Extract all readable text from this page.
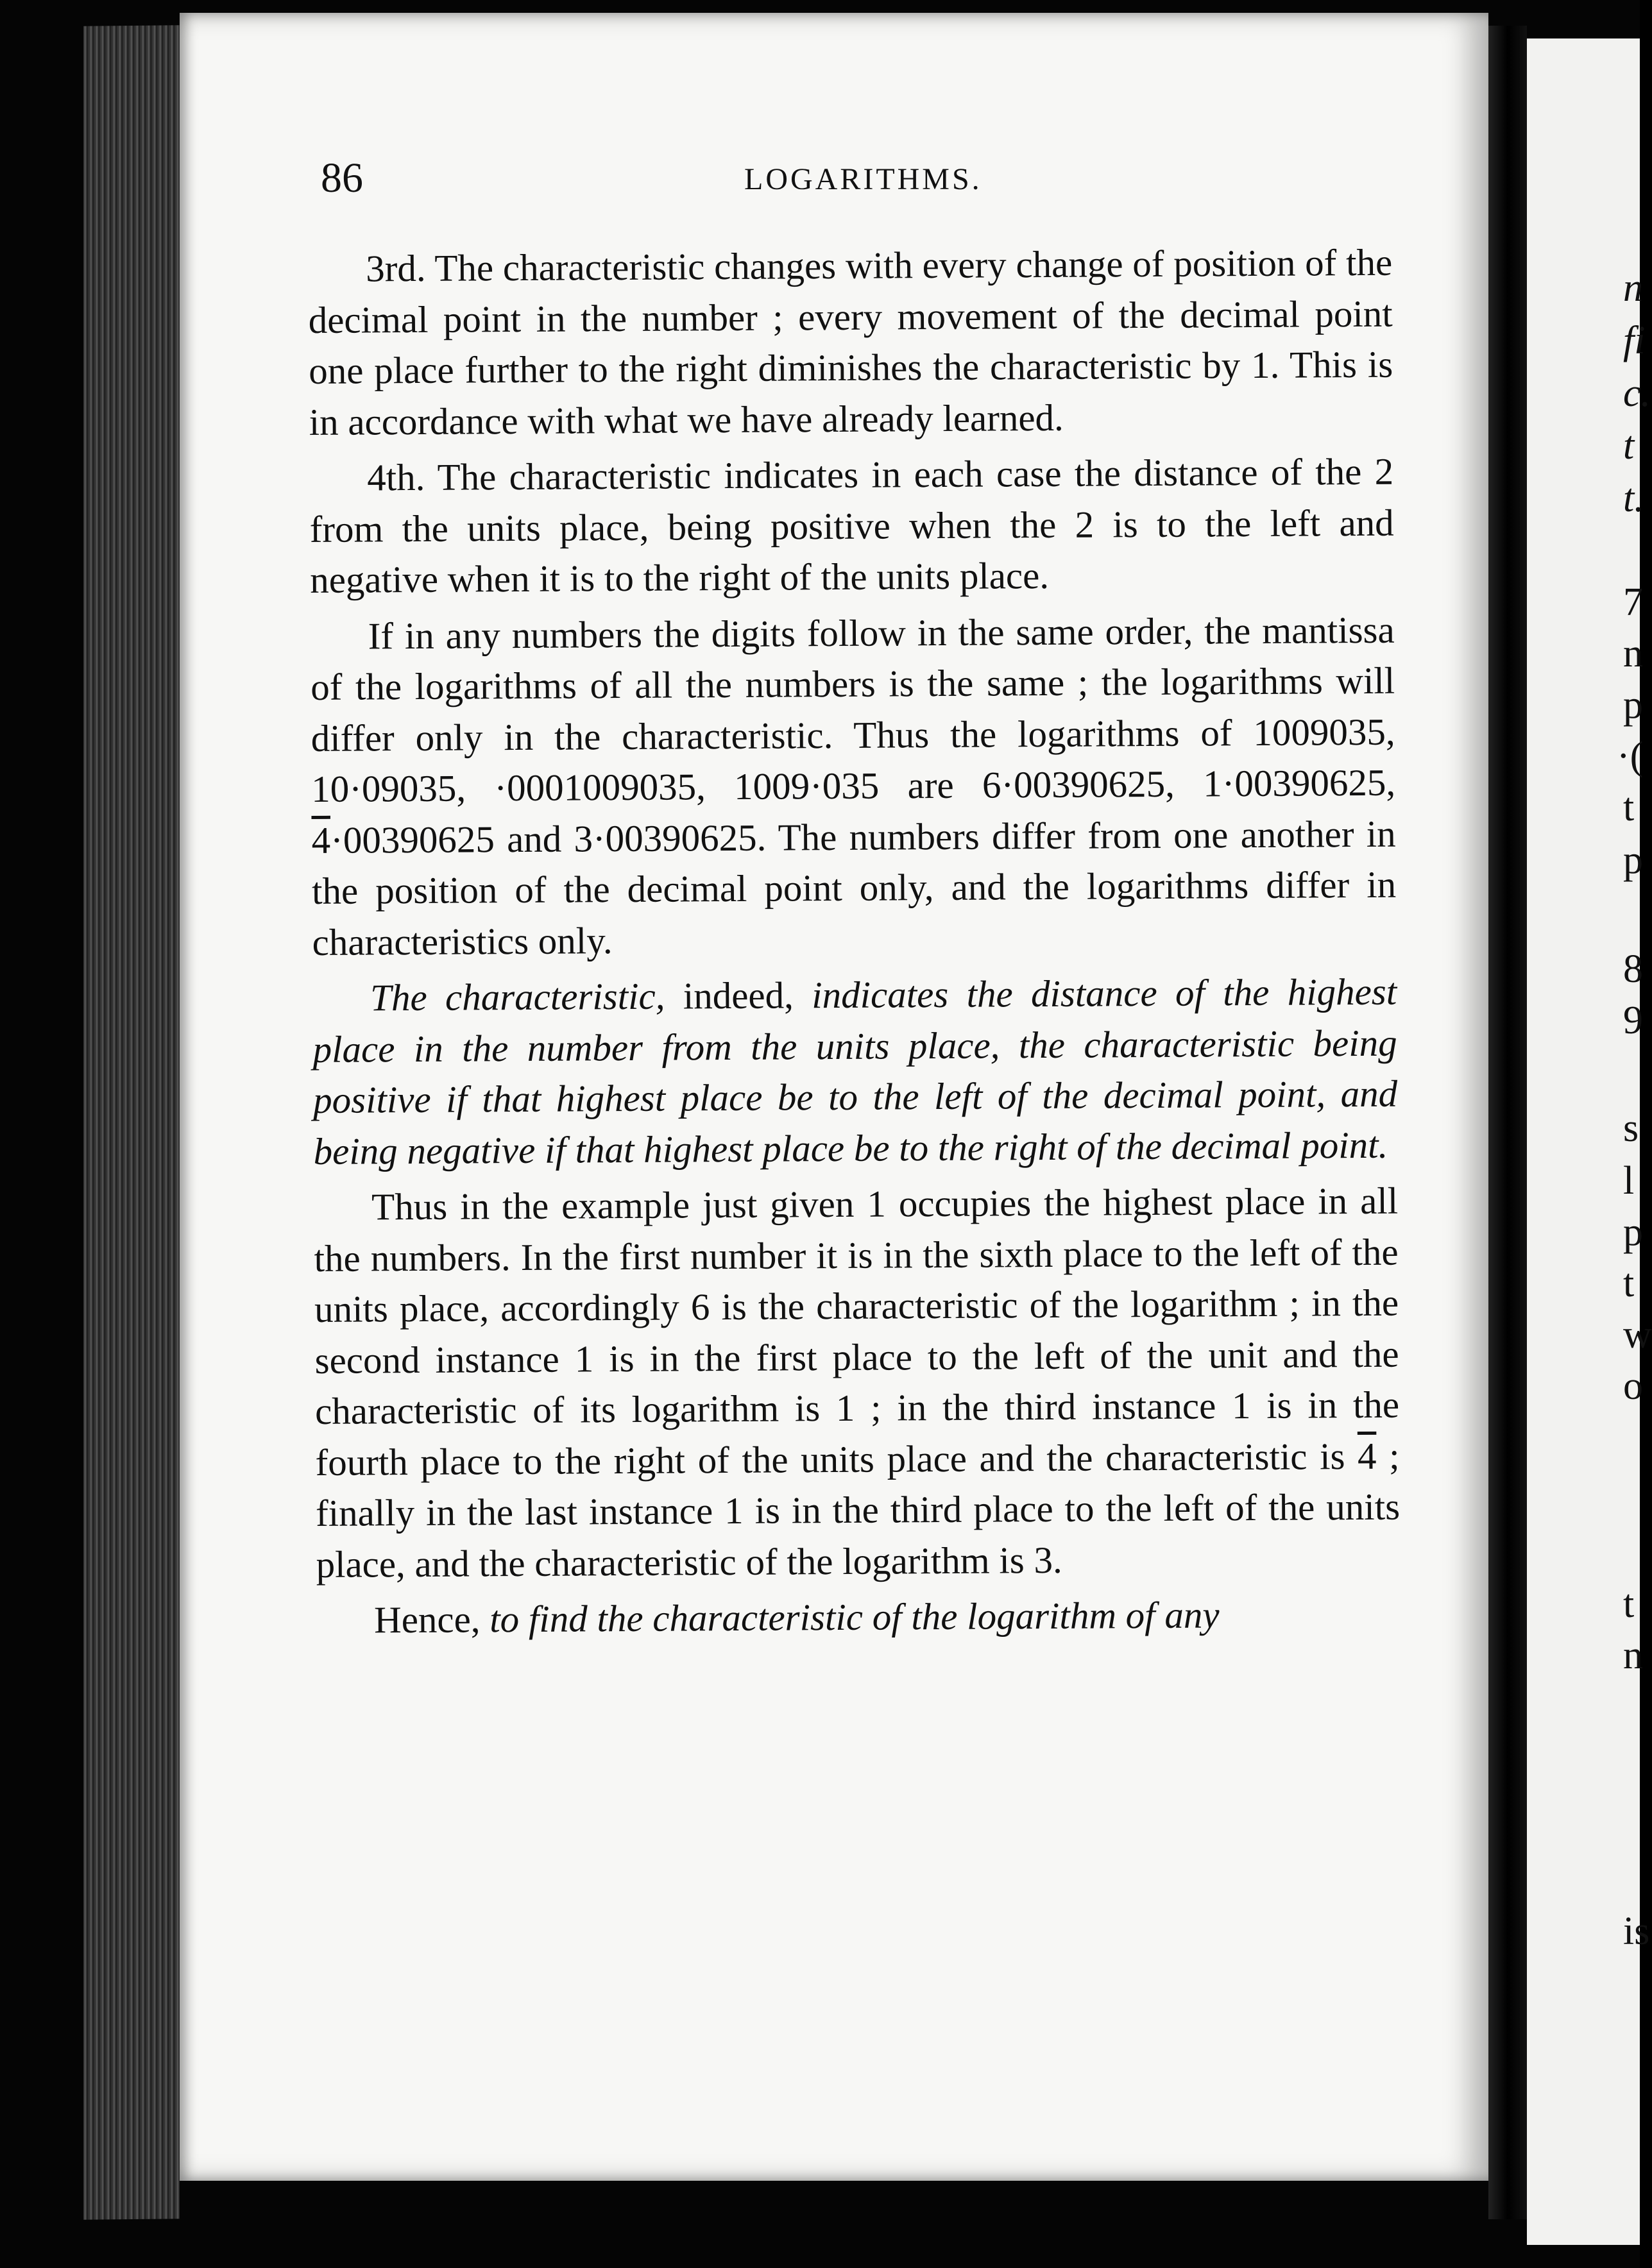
n
fi
c.
t
t.
7
n
p
·(
t
p
8
9
s
l
p
t
w
o
t
n
is
86	LOGARITHMS.

3rd. The characteristic changes with every change of position of the decimal point in the number ; every movement of the decimal point one place further to the right diminishes the characteristic by 1. This is in accordance with what we have already learned.

4th. The characteristic indicates in each case the distance of the 2 from the units place, being positive when the 2 is to the left and negative when it is to the right of the units place.

If in any numbers the digits follow in the same order, the mantissa of the logarithms of all the numbers is the same ; the logarithms will differ only in the characteristic. Thus the logarithms of 1009035, 10·09035, ·0001009035, 1009·035 are 6·00390625, 1·00390625, 4·00390625 and 3·00390625. The numbers differ from one another in the position of the decimal point only, and the logarithms differ in characteristics only.

The characteristic, indeed, indicates the distance of the highest place in the number from the units place, the characteristic being positive if that highest place be to the left of the decimal point, and being negative if that highest place be to the right of the decimal point.

Thus in the example just given 1 occupies the highest place in all the numbers. In the first number it is in the sixth place to the left of the units place, accordingly 6 is the characteristic of the logarithm ; in the second instance 1 is in the first place to the left of the unit and the characteristic of its logarithm is 1 ; in the third instance 1 is in the fourth place to the right of the units place and the characteristic is 4 ; finally in the last instance 1 is in the third place to the left of the units place, and the characteristic of the logarithm is 3.

Hence, to find the characteristic of the logarithm of any
